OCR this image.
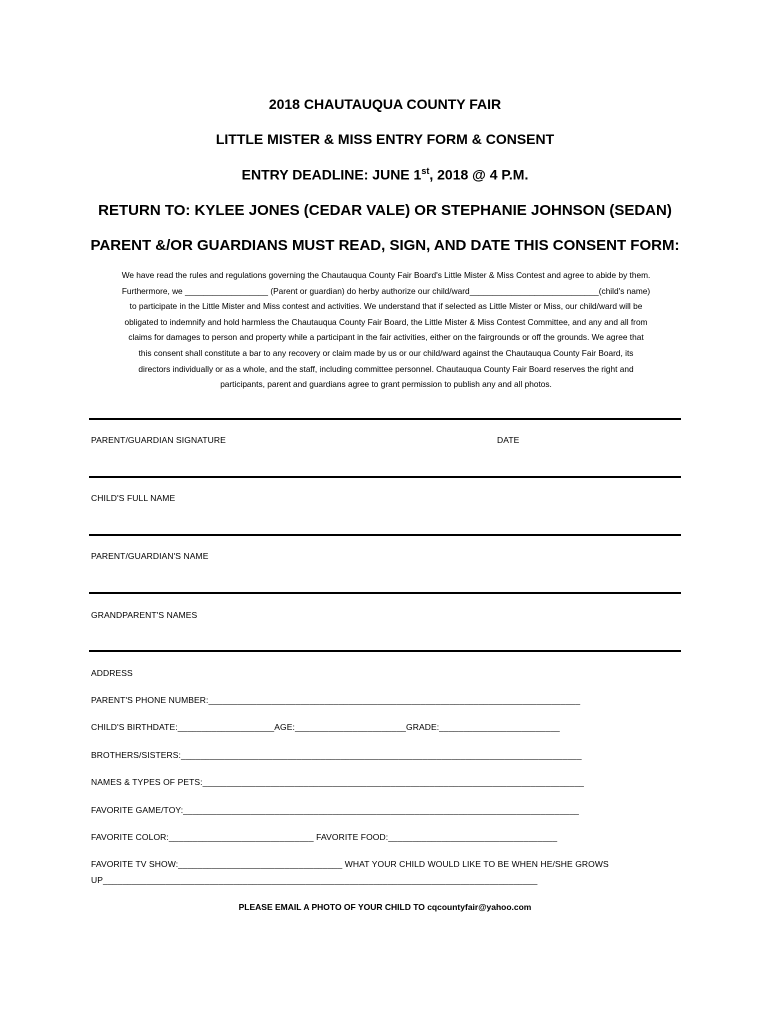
2018 CHAUTAUQUA COUNTY FAIR
LITTLE MISTER & MISS ENTRY FORM & CONSENT
ENTRY DEADLINE: JUNE 1st, 2018 @ 4 P.M.
RETURN TO: KYLEE JONES (CEDAR VALE) OR STEPHANIE JOHNSON (SEDAN)
PARENT &/OR GUARDIANS MUST READ, SIGN, AND DATE THIS CONSENT FORM:

We have read the rules and regulations governing the Chautauqua County Fair Board's Little Mister & Miss Contest and agree to abide by them.
Furthermore, we __________________ (Parent or guardian) do herby authorize our child/ward____________________________(child's name)
to participate in the Little Mister and Miss contest and activities. We understand that if selected as Little Mister or Miss, our child/ward will be
obligated to indemnify and hold harmless the Chautauqua County Fair Board, the Little Mister & Miss Contest Committee, and any and all from
claims for damages to person and property while a participant in the fair activities, either on the fairgrounds or off the grounds. We agree that
this consent shall constitute a bar to any recovery or claim made by us or our child/ward against the Chautauqua County Fair Board, its
directors individually or as a whole, and the staff, including committee personnel. Chautauqua County Fair Board reserves the right and
participants, parent and guardians agree to grant permission to publish any and all photos.

PARENT/GUARDIAN SIGNATURE	DATE
CHILD'S FULL NAME
PARENT/GUARDIAN'S NAME
GRANDPARENT'S NAMES
ADDRESS
PARENT'S PHONE NUMBER:_____________________________________________________________________________
CHILD'S BIRTHDATE:____________________AGE:_______________________GRADE:_________________________
BROTHERS/SISTERS:___________________________________________________________________________________
NAMES & TYPES OF PETS:_______________________________________________________________________________
FAVORITE GAME/TOY:__________________________________________________________________________________
FAVORITE COLOR:______________________________ FAVORITE FOOD:___________________________________
FAVORITE TV SHOW:__________________________________ WHAT YOUR CHILD WOULD LIKE TO BE WHEN HE/SHE GROWS
UP__________________________________________________________________________________________
PLEASE EMAIL A PHOTO OF YOUR CHILD TO cqcountyfair@yahoo.com
